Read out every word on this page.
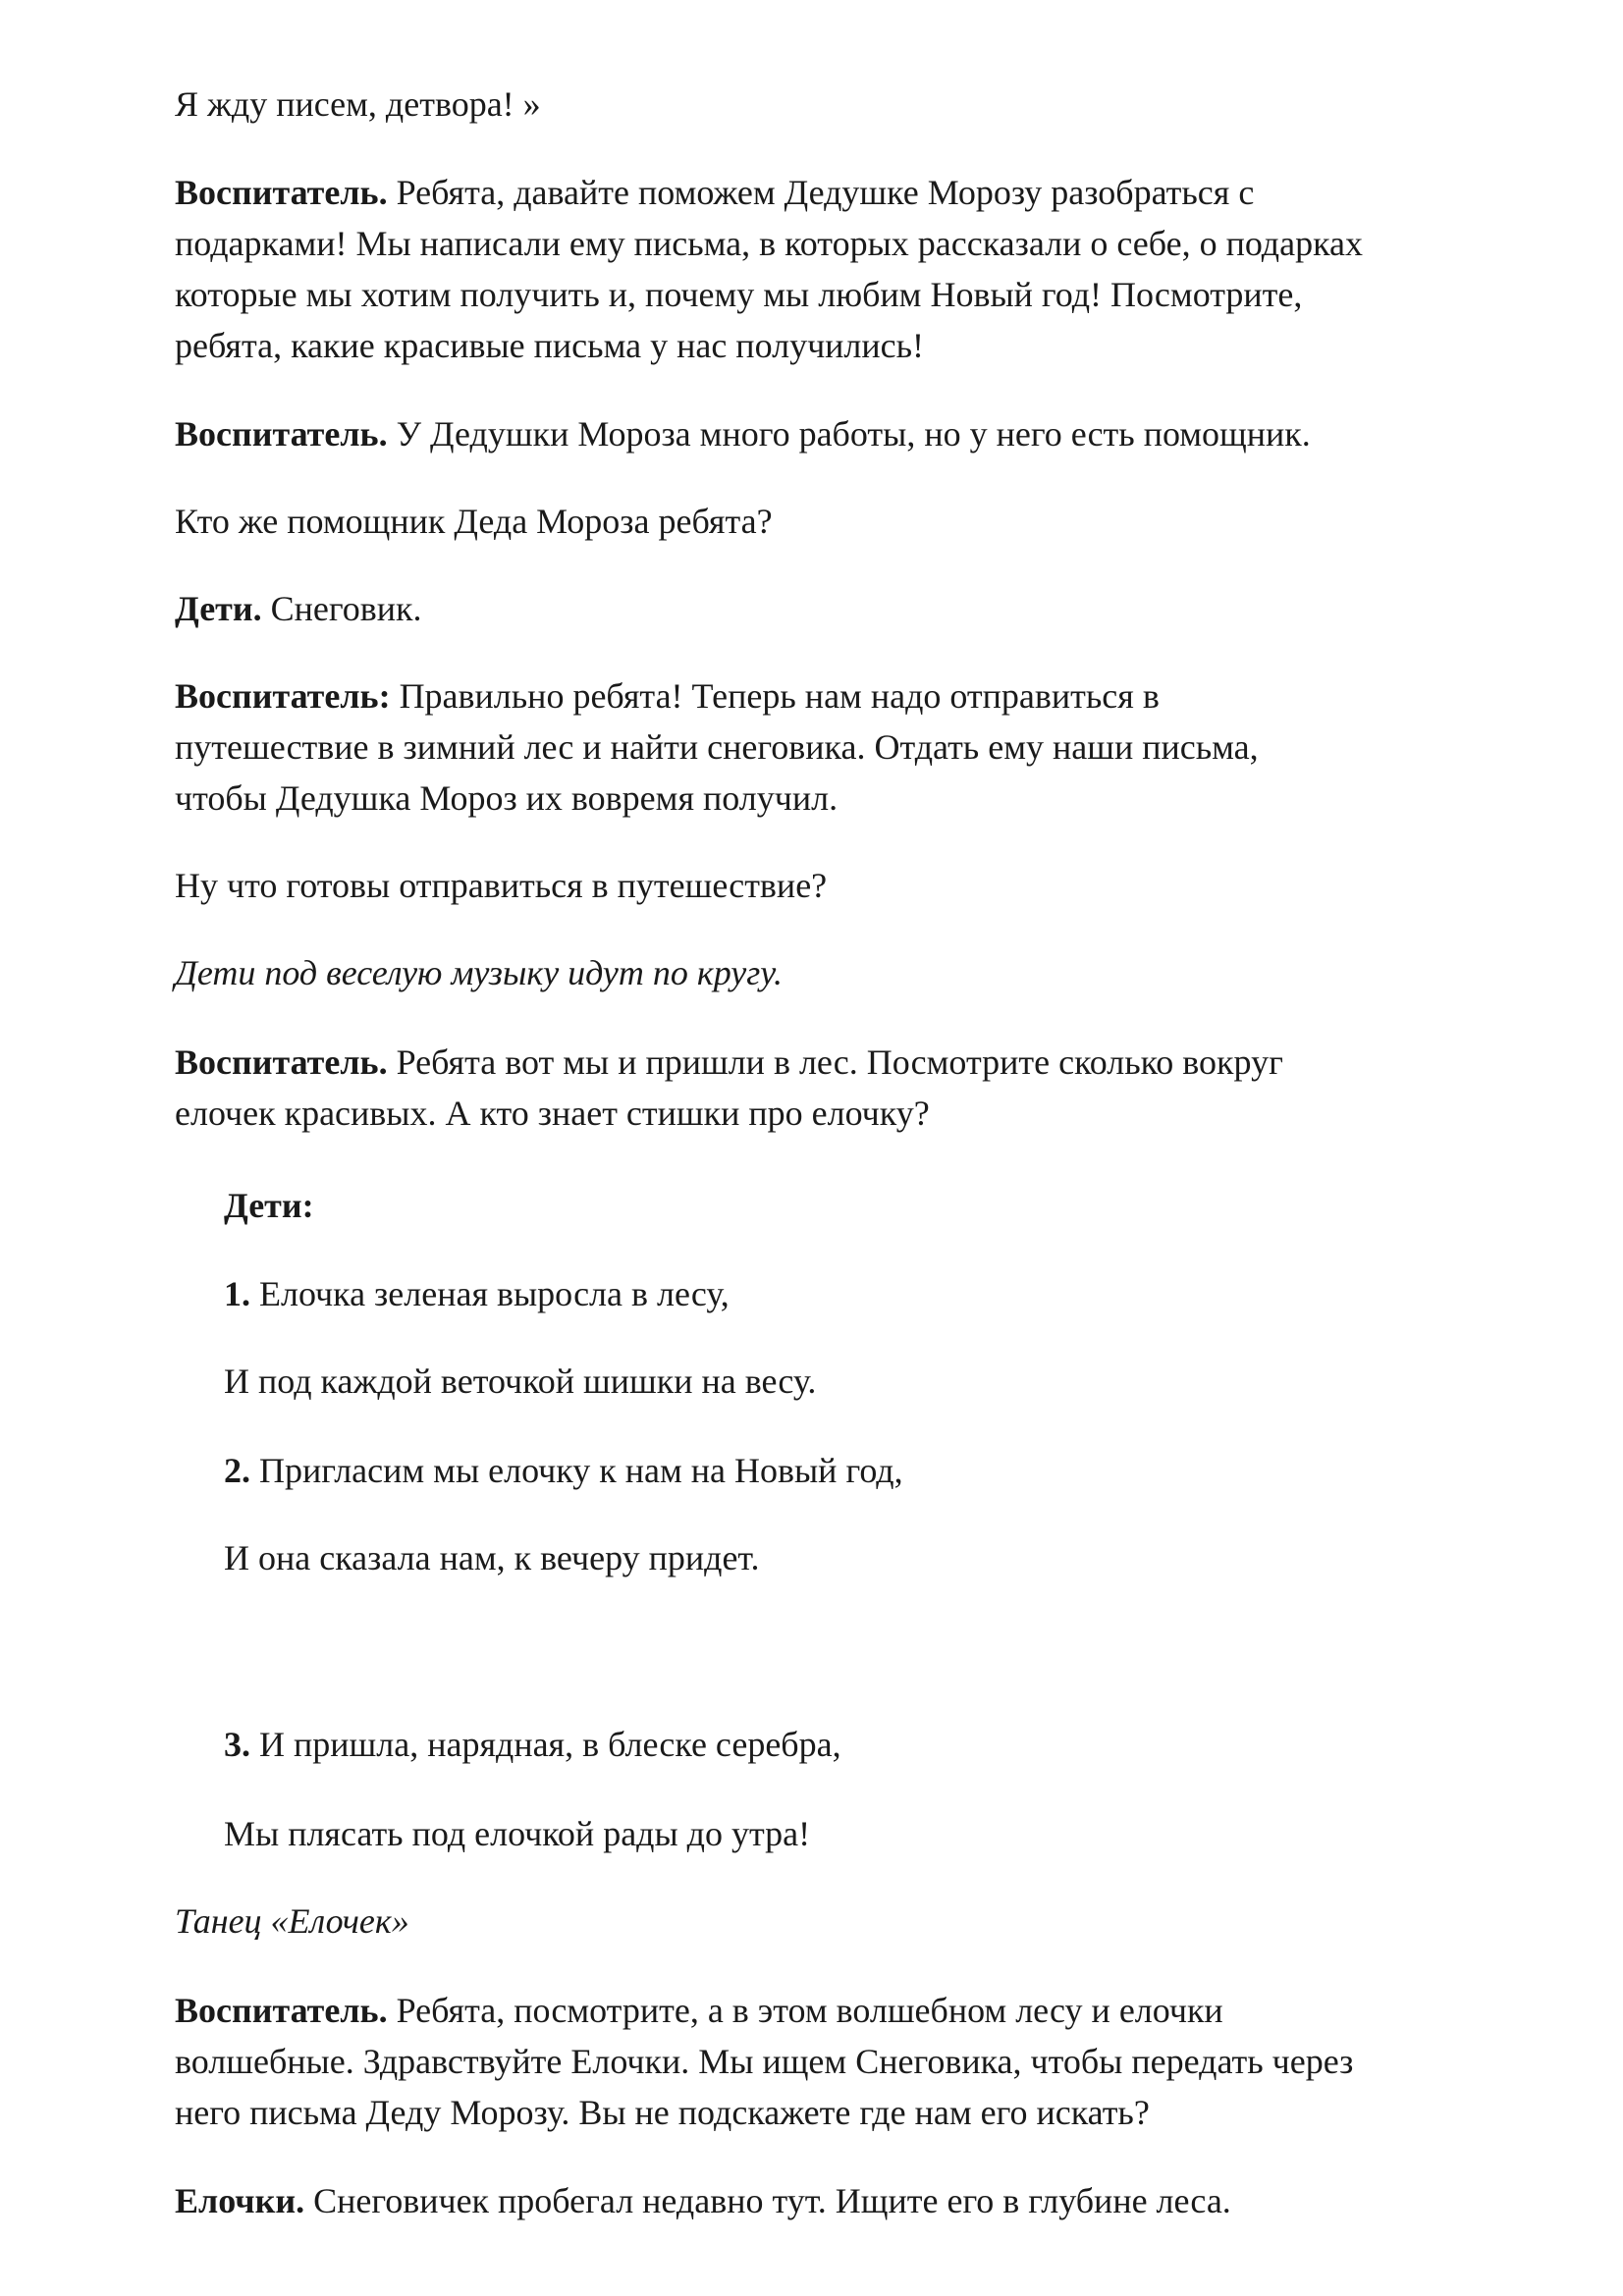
Я жду писем, детвора! »

Воспитатель. Ребята, давайте поможем Дедушке Морозу разобраться с
подарками! Мы написали ему письма, в которых рассказали о себе, о подарках
которые мы хотим получить и, почему мы любим Новый год! Посмотрите,
ребята, какие красивые письма у нас получились!

Воспитатель. У Дедушки Мороза много работы, но у него есть помощник.

Кто же помощник Деда Мороза ребята?

Дети. Снеговик.

Воспитатель: Правильно ребята! Теперь нам надо отправиться в
путешествие в зимний лес и найти снеговика. Отдать ему наши письма,
чтобы Дедушка Мороз их вовремя получил.

Ну что готовы отправиться в путешествие?

Дети под веселую музыку идут по кругу.

Воспитатель. Ребята вот мы и пришли в лес. Посмотрите сколько вокруг
елочек красивых. А кто знает стишки про елочку?

Дети:

1. Елочка зеленая выросла в лесу,

И под каждой веточкой шишки на весу.

2. Пригласим мы елочку к нам на Новый год,

И она сказала нам, к вечеру придет.

3. И пришла, нарядная, в блеске серебра,

Мы плясать под елочкой рады до утра!

Танец «Елочек»

Воспитатель. Ребята, посмотрите, а в этом волшебном лесу и елочки
волшебные. Здравствуйте Елочки. Мы ищем Снеговика, чтобы передать через
него письма Деду Морозу. Вы не подскажете где нам его искать?

Елочки. Снеговичек пробегал недавно тут. Ищите его в глубине леса.
